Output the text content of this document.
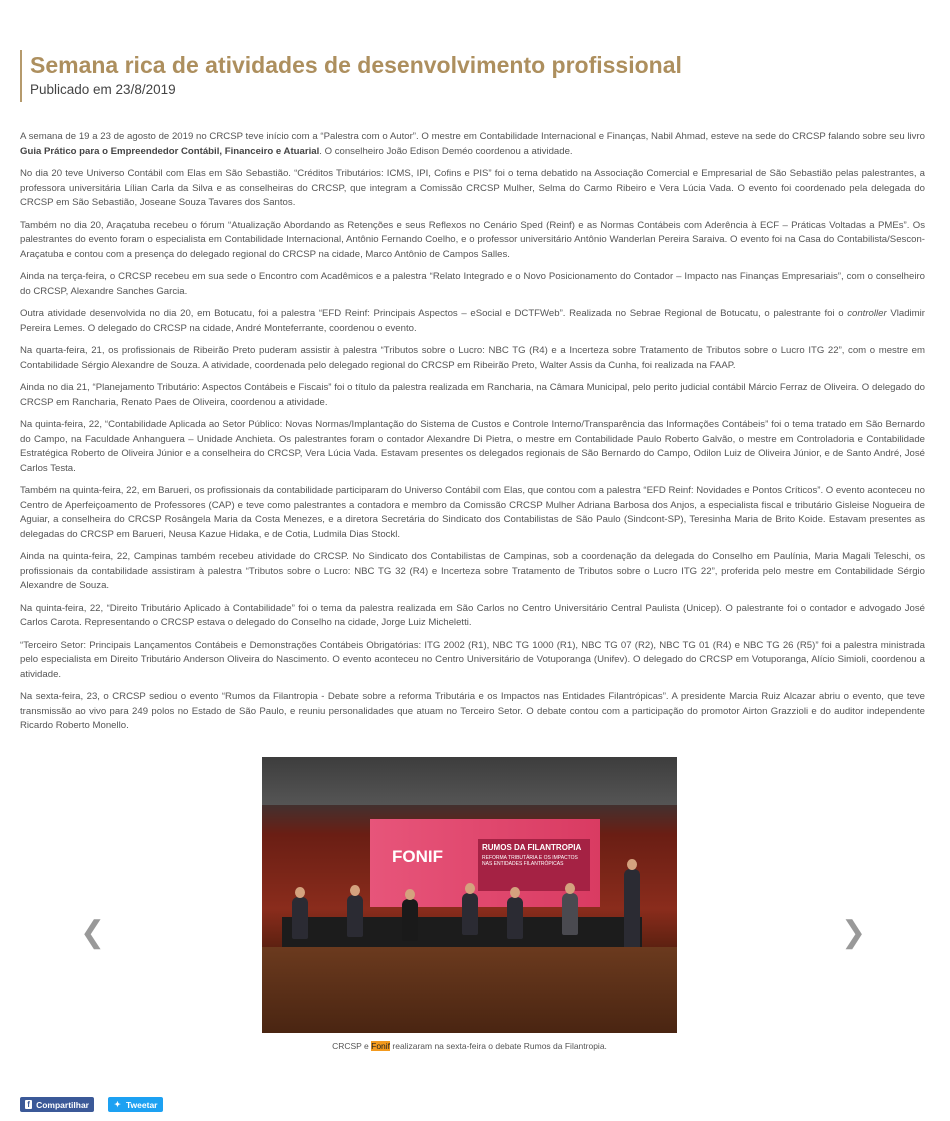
Semana rica de atividades de desenvolvimento profissional
Publicado em 23/8/2019

A semana de 19 a 23 de agosto de 2019 no CRCSP teve início com a “Palestra com o Autor”. O mestre em Contabilidade Internacional e Finanças, Nabil Ahmad, esteve na sede do CRCSP falando sobre seu livro Guia Prático para o Empreendedor Contábil, Financeiro e Atuarial. O conselheiro João Edison Deméo coordenou a atividade.

No dia 20 teve Universo Contábil com Elas em São Sebastião. “Créditos Tributários: ICMS, IPI, Cofins e PIS” foi o tema debatido na Associação Comercial e Empresarial de São Sebastião pelas palestrantes, a professora universitária Lílian Carla da Silva e as conselheiras do CRCSP, que integram a Comissão CRCSP Mulher, Selma do Carmo Ribeiro e Vera Lúcia Vada. O evento foi coordenado pela delegada do CRCSP em São Sebastião, Joseane Souza Tavares dos Santos.

Também no dia 20, Araçatuba recebeu o fórum “Atualização Abordando as Retenções e seus Reflexos no Cenário Sped (Reinf) e as Normas Contábeis com Aderência à ECF – Práticas Voltadas a PMEs”. Os palestrantes do evento foram o especialista em Contabilidade Internacional, Antônio Fernando Coelho, e o professor universitário Antônio Wanderlan Pereira Saraiva. O evento foi na Casa do Contabilista/Sescon-Araçatuba e contou com a presença do delegado regional do CRCSP na cidade, Marco Antônio de Campos Salles.

Ainda na terça-feira, o CRCSP recebeu em sua sede o Encontro com Acadêmicos e a palestra “Relato Integrado e o Novo Posicionamento do Contador – Impacto nas Finanças Empresariais”, com o conselheiro do CRCSP, Alexandre Sanches Garcia.

Outra atividade desenvolvida no dia 20, em Botucatu, foi a palestra “EFD Reinf: Principais Aspectos – eSocial e DCTFWeb”. Realizada no Sebrae Regional de Botucatu, o palestrante foi o controller Vladimir Pereira Lemes. O delegado do CRCSP na cidade, André Monteferrante, coordenou o evento.

Na quarta-feira, 21, os profissionais de Ribeirão Preto puderam assistir à palestra “Tributos sobre o Lucro: NBC TG (R4) e a Incerteza sobre Tratamento de Tributos sobre o Lucro ITG 22”, com o mestre em Contabilidade Sérgio Alexandre de Souza. A atividade, coordenada pelo delegado regional do CRCSP em Ribeirão Preto, Walter Assis da Cunha, foi realizada na FAAP.

Ainda no dia 21, “Planejamento Tributário: Aspectos Contábeis e Fiscais” foi o título da palestra realizada em Rancharia, na Câmara Municipal, pelo perito judicial contábil Márcio Ferraz de Oliveira. O delegado do CRCSP em Rancharia, Renato Paes de Oliveira, coordenou a atividade.

Na quinta-feira, 22, “Contabilidade Aplicada ao Setor Público: Novas Normas/Implantação do Sistema de Custos e Controle Interno/Transparência das Informações Contábeis” foi o tema tratado em São Bernardo do Campo, na Faculdade Anhanguera – Unidade Anchieta. Os palestrantes foram o contador Alexandre Di Pietra, o mestre em Contabilidade Paulo Roberto Galvão, o mestre em Controladoria e Contabilidade Estratégica Roberto de Oliveira Júnior e a conselheira do CRCSP, Vera Lúcia Vada. Estavam presentes os delegados regionais de São Bernardo do Campo, Odilon Luiz de Oliveira Júnior, e de Santo André, José Carlos Testa.

Também na quinta-feira, 22, em Barueri, os profissionais da contabilidade participaram do Universo Contábil com Elas, que contou com a palestra “EFD Reinf: Novidades e Pontos Críticos”. O evento aconteceu no Centro de Aperfeiçoamento de Professores (CAP) e teve como palestrantes a contadora e membro da Comissão CRCSP Mulher Adriana Barbosa dos Anjos, a especialista fiscal e tributário Gisleise Nogueira de Aguiar, a conselheira do CRCSP Rosângela Maria da Costa Menezes, e a diretora Secretária do Sindicato dos Contabilistas de São Paulo (Sindcont-SP), Teresinha Maria de Brito Koide. Estavam presentes as delegadas do CRCSP em Barueri, Neusa Kazue Hidaka, e de Cotia, Ludmila Dias Stockl.

Ainda na quinta-feira, 22, Campinas também recebeu atividade do CRCSP. No Sindicato dos Contabilistas de Campinas, sob a coordenação da delegada do Conselho em Paulínia, Maria Magali Teleschi, os profissionais da contabilidade assistiram à palestra “Tributos sobre o Lucro: NBC TG 32 (R4) e Incerteza sobre Tratamento de Tributos sobre o Lucro ITG 22”, proferida pelo mestre em Contabilidade Sérgio Alexandre de Souza.

Na quinta-feira, 22, “Direito Tributário Aplicado à Contabilidade” foi o tema da palestra realizada em São Carlos no Centro Universitário Central Paulista (Unicep). O palestrante foi o contador e advogado José Carlos Carota. Representando o CRCSP estava o delegado do Conselho na cidade, Jorge Luiz Micheletti.

“Terceiro Setor: Principais Lançamentos Contábeis e Demonstrações Contábeis Obrigatórias: ITG 2002 (R1), NBC TG 1000 (R1), NBC TG 07 (R2), NBC TG 01 (R4) e NBC TG 26 (R5)” foi a palestra ministrada pelo especialista em Direito Tributário Anderson Oliveira do Nascimento. O evento aconteceu no Centro Universitário de Votuporanga (Unifev). O delegado do CRCSP em Votuporanga, Alício Simioli, coordenou a atividade.

Na sexta-feira, 23, o CRCSP sediou o evento “Rumos da Filantropia - Debate sobre a reforma Tributária e os Impactos nas Entidades Filantrópicas”. A presidente Marcia Ruiz Alcazar abriu o evento, que teve transmissão ao vivo para 249 polos no Estado de São Paulo, e reuniu personalidades que atuam no Terceiro Setor. O debate contou com a participação do promotor Airton Grazzioli e do auditor independente Ricardo Roberto Monello.

❮	❯
FONIF	RUMOS DA FILANTROPIA
REFORMA TRIBUTÁRIA E OS IMPACTOS NAS ENTIDADES FILANTRÓPICAS
CRCSP e Fonif realizaram na sexta-feira o debate Rumos da Filantropia.
f Compartilhar	✦ Tweetar
